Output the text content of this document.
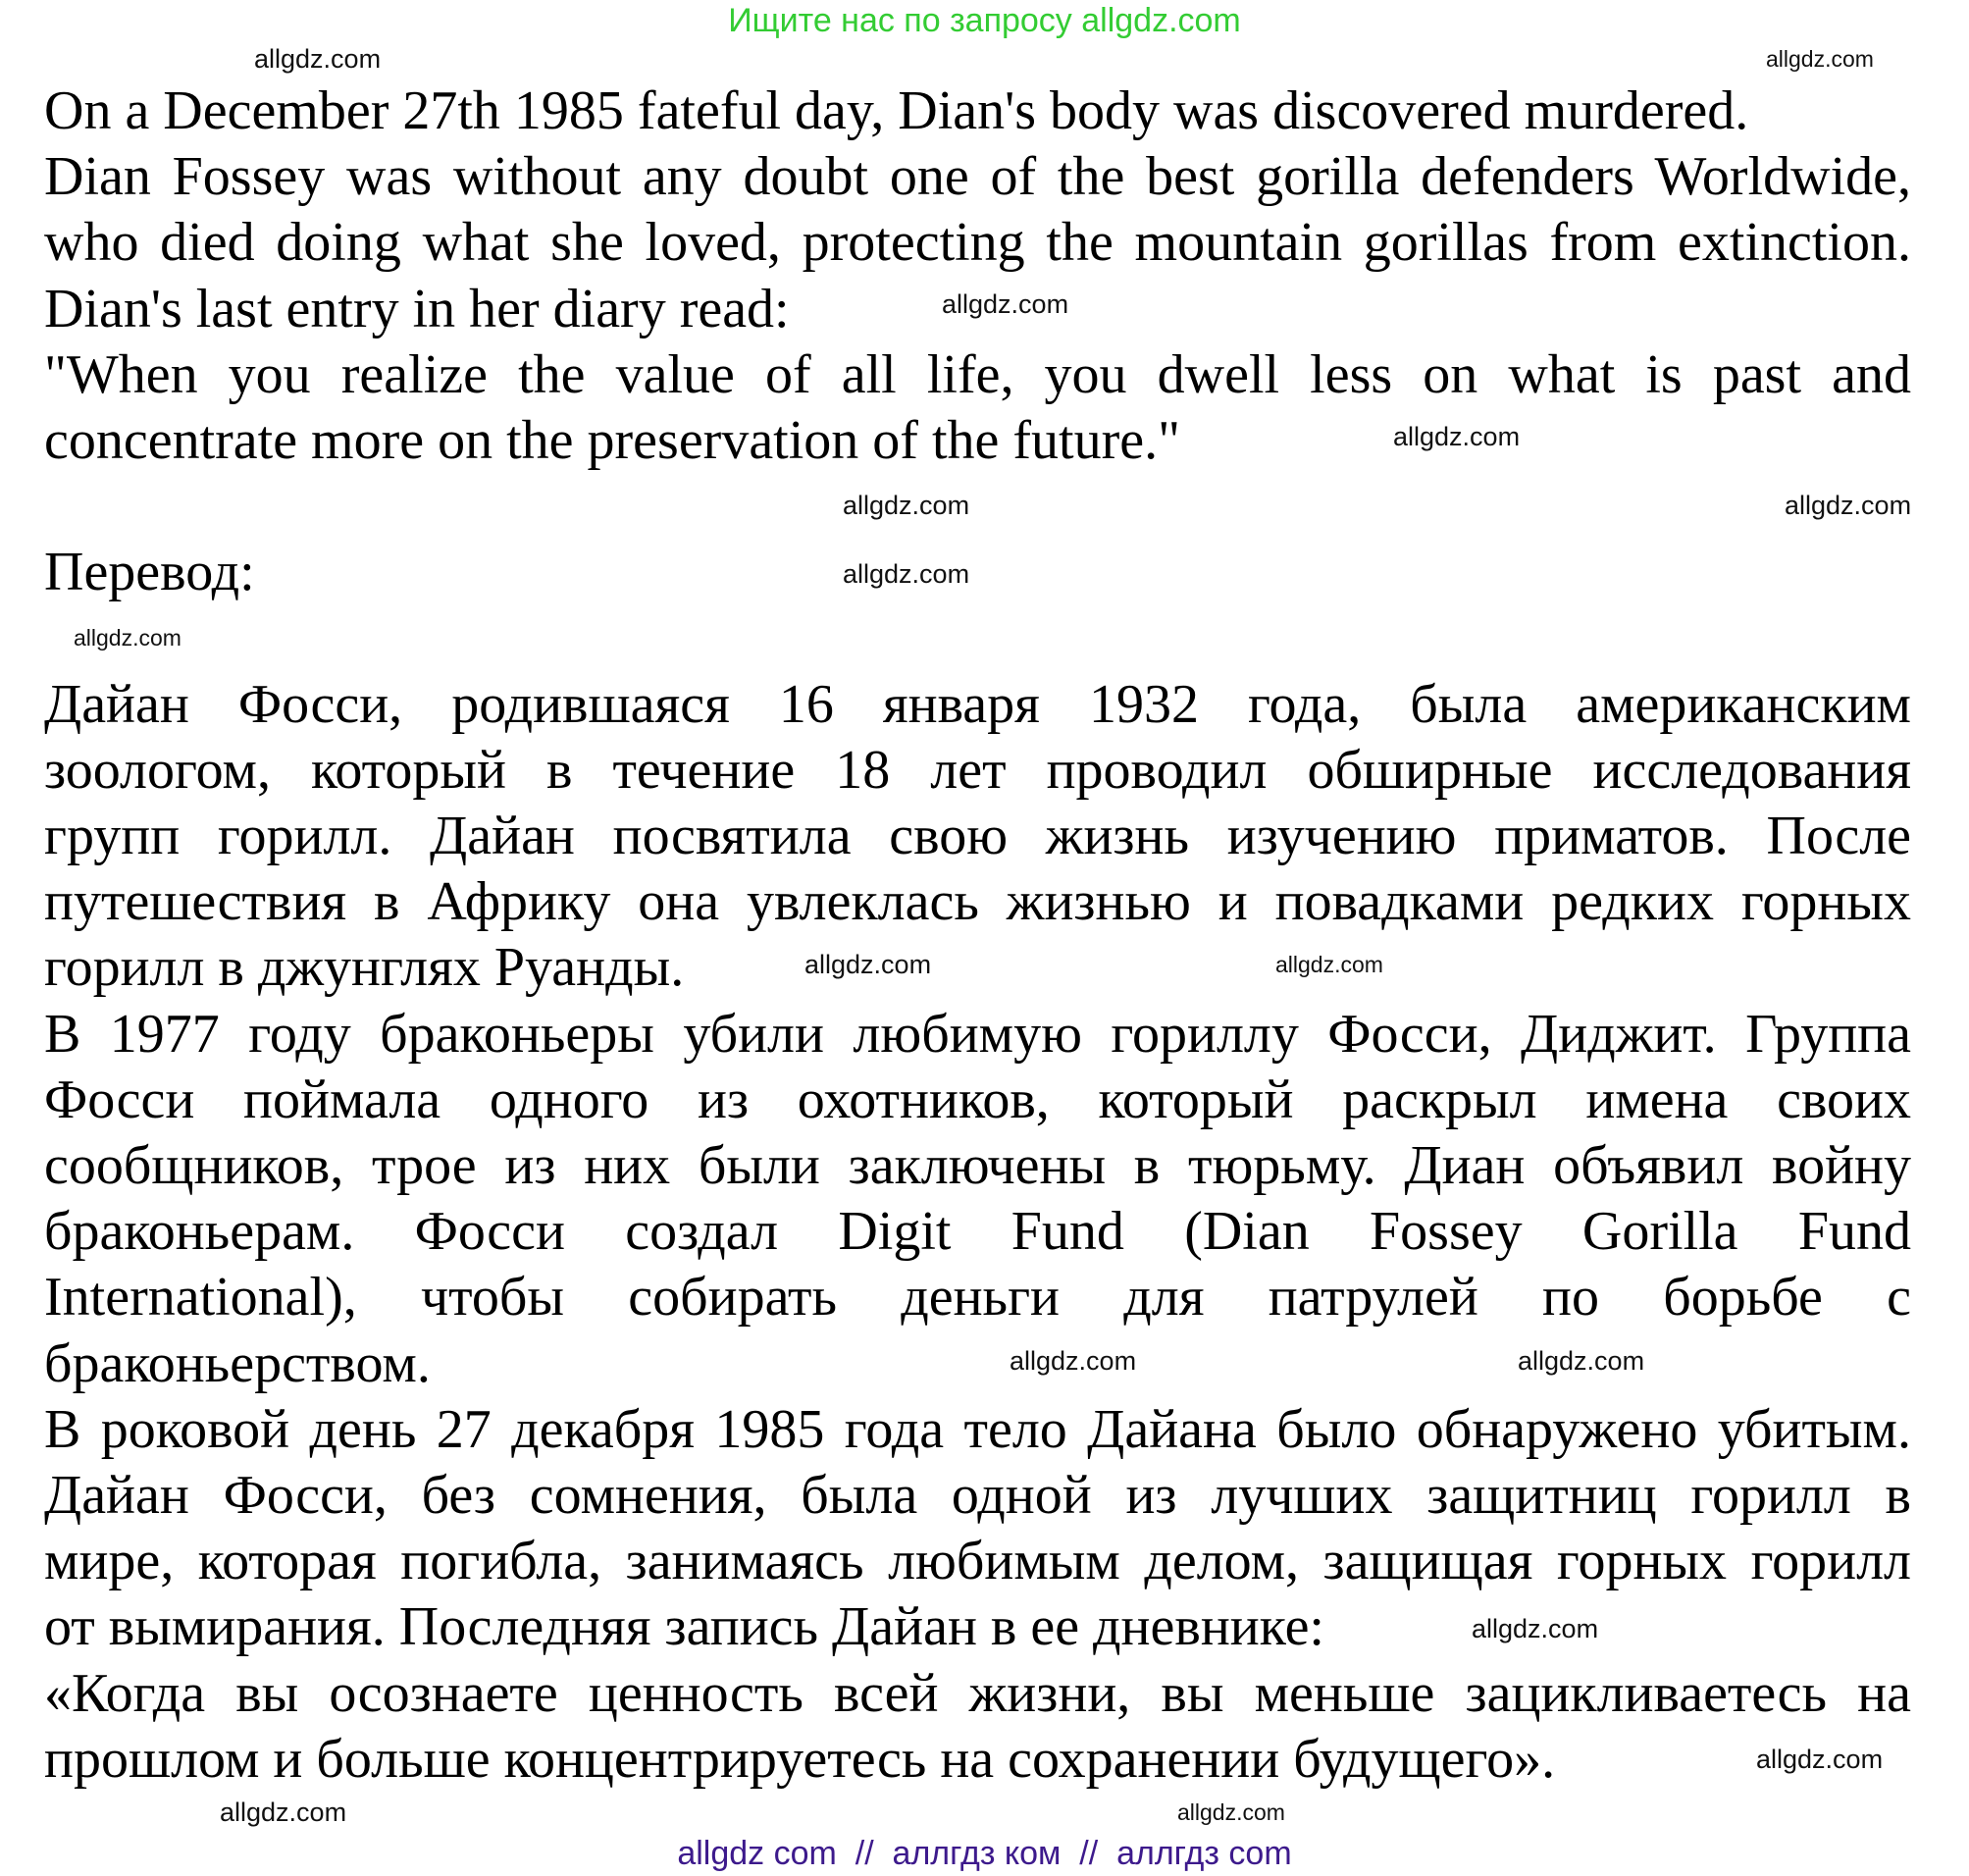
Ищите нас по запросу allgdz.com
On a December 27th 1985 fateful day, Dian's body was discovered murdered.
Dian Fossey was without any doubt one of the best gorilla defenders Worldwide,
who died doing what she loved, protecting the mountain gorillas from extinction.
Dian's last entry in her diary read:
"When you realize the value of all life, you dwell less on what is past and
concentrate more on the preservation of the future."
Перевод:
Дайан Фосси, родившаяся 16 января 1932 года, была американским
зоологом, который в течение 18 лет проводил обширные исследования
групп горилл. Дайан посвятила свою жизнь изучению приматов. После
путешествия в Африку она увлеклась жизнью и повадками редких горных
горилл в джунглях Руанды.
В 1977 году браконьеры убили любимую гориллу Фосси, Диджит. Группа
Фосси поймала одного из охотников, который раскрыл имена своих
сообщников, трое из них были заключены в тюрьму. Диан объявил войну
браконьерам. Фосси создал Digit Fund (Dian Fossey Gorilla Fund
International), чтобы собирать деньги для патрулей по борьбе с
браконьерством.
В роковой день 27 декабря 1985 года тело Дайана было обнаружено убитым.
Дайан Фосси, без сомнения, была одной из лучших защитниц горилл в
мире, которая погибла, занимаясь любимым делом, защищая горных горилл
от вымирания. Последняя запись Дайан в ее дневнике:
«Когда вы осознаете ценность всей жизни, вы меньше зацикливаетесь на
прошлом и больше концентрируетесь на сохранении будущего».
allgdz.com	allgdz.com
allgdz.com
allgdz.com
allgdz.com
allgdz.com
allgdz.com
allgdz.com
allgdz.com	allgdz.com
allgdz.com	allgdz.com
allgdz.com
allgdz.com
allgdz.com	allgdz.com
allgdz com  //  аллгдз ком  //  аллгдз com
